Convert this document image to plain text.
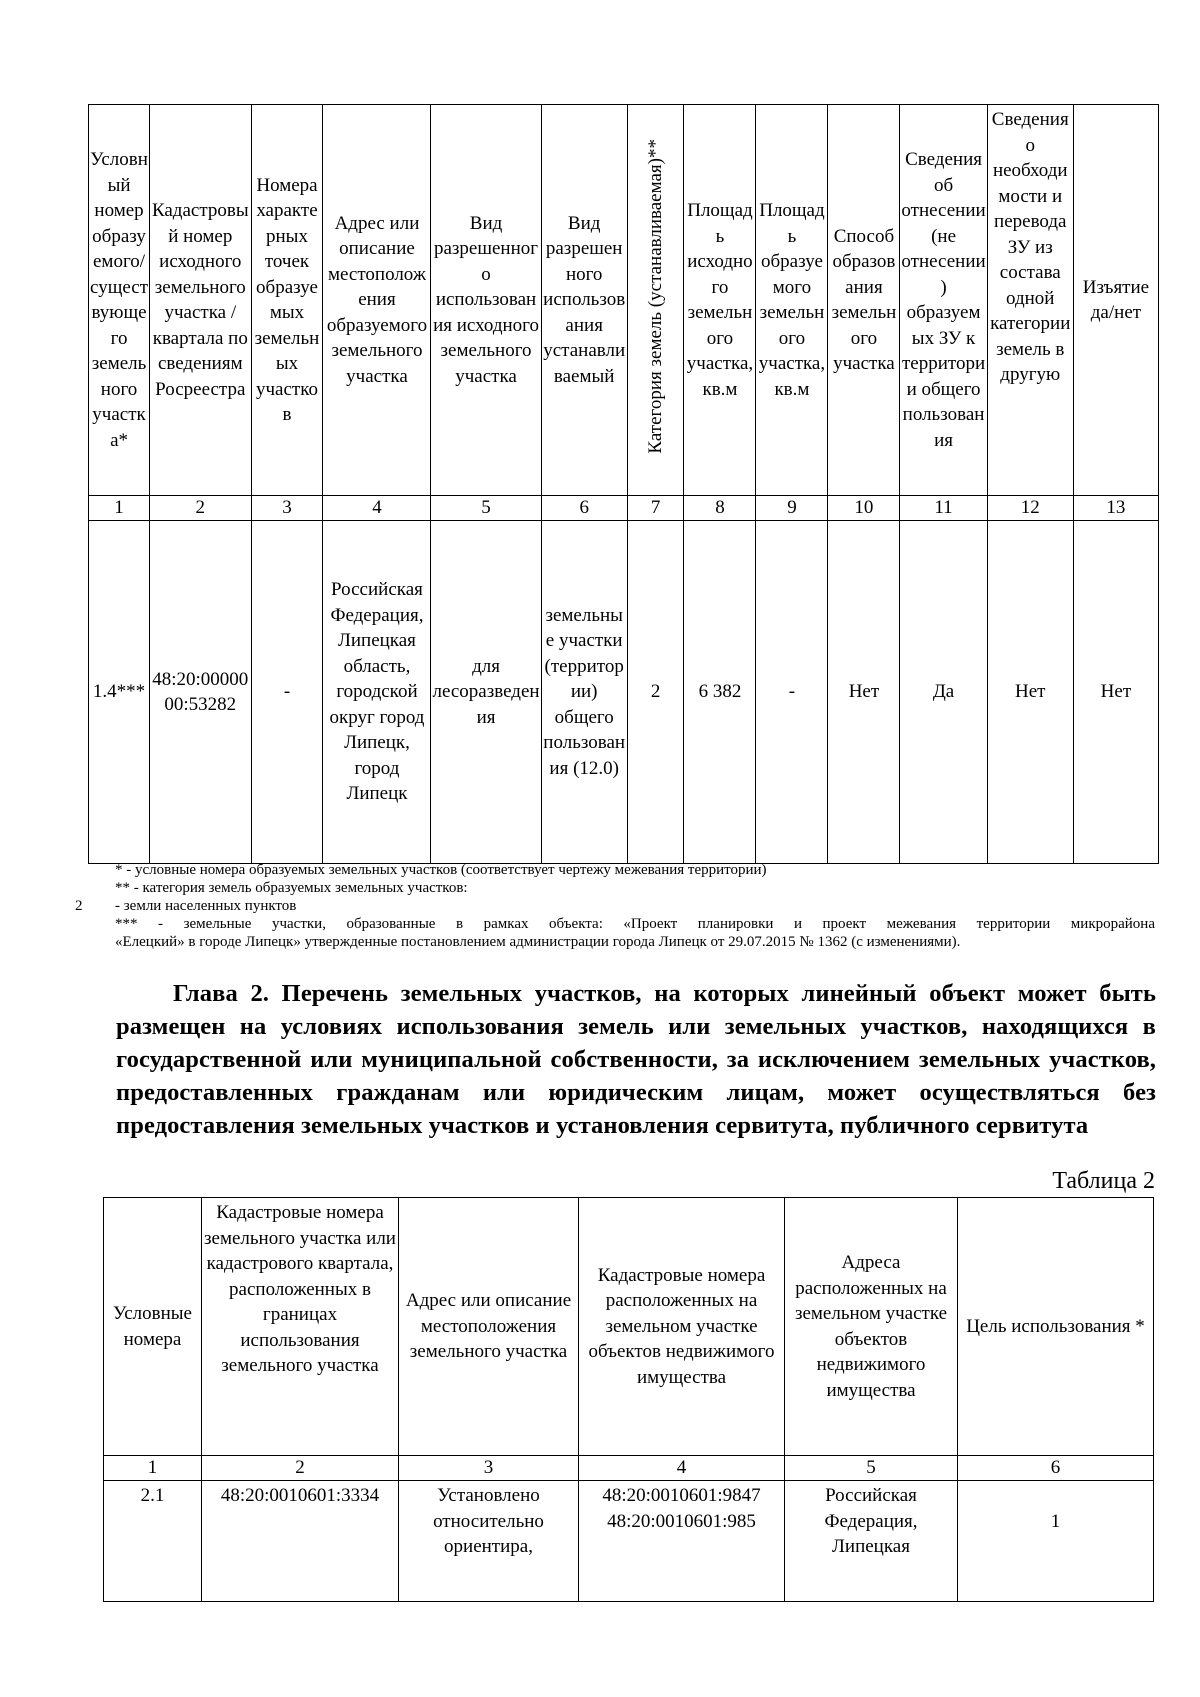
Условный номер образуемого/существующего земельного участка*	Кадастровый номер исходного земельного участка / квартала по сведениям Росреестра	Номера характерных точек образуемых земельных участков	Адрес или описание местоположения образуемого земельного участка	Вид разрешенного использования исходного земельного участка	Вид разрешенного использования устанавливаемый	Категория земель (устанавливаемая)**	Площадь исходного земельного участка, кв.м	Площадь образуемого земельного участка, кв.м	Способ образования земельного участка	Сведения об отнесении (не отнесении) образуемых ЗУ к территории общего пользования	Сведения о необходимости и перевода ЗУ из состава одной категории земель в другую	Изъятие да/нет
1	2	3	4	5	6	7	8	9	10	11	12	13
1.4***	48:20:0000000:53282	-	Российская Федерация, Липецкая область, городской округ город Липецк, город Липецк	для лесоразведения	земельные участки (территории) общего пользования (12.0)	2	6 382	-	Нет	Да	Нет	Нет

* - условные номера образуемых земельных участков (соответствует чертежу межевания территории)

** - категория земель образуемых земельных участков:

2 - земли населенных пунктов

*** - земельные участки, образованные в рамках объекта: «Проект планировки и проект межевания территории микрорайона

«Елецкий» в городе Липецк» утвержденные постановлением администрации города Липецк от 29.07.2015 № 1362 (с изменениями).

Глава 2. Перечень земельных участков, на которых линейный объект может быть размещен на условиях использования земель или земельных участков, находящихся в государственной или муниципальной собственности, за исключением земельных участков, предоставленных гражданам или юридическим лицам, может осуществляться без предоставления земельных участков и установления сервитута, публичного сервитута

Таблица 2

Условные номера	Кадастровые номера земельного участка или кадастрового квартала, расположенных в границах использования земельного участка	Адрес или описание местоположения земельного участка	Кадастровые номера расположенных на земельном участке объектов недвижимого имущества	Адреса расположенных на земельном участке объектов недвижимого имущества	Цель использования *
1	2	3	4	5	6

2.1	48:20:0010601:3334	Установлено относительно ориентира,	48:20:0010601:9847 48:20:0010601:985	Российская Федерация, Липецкая	1
